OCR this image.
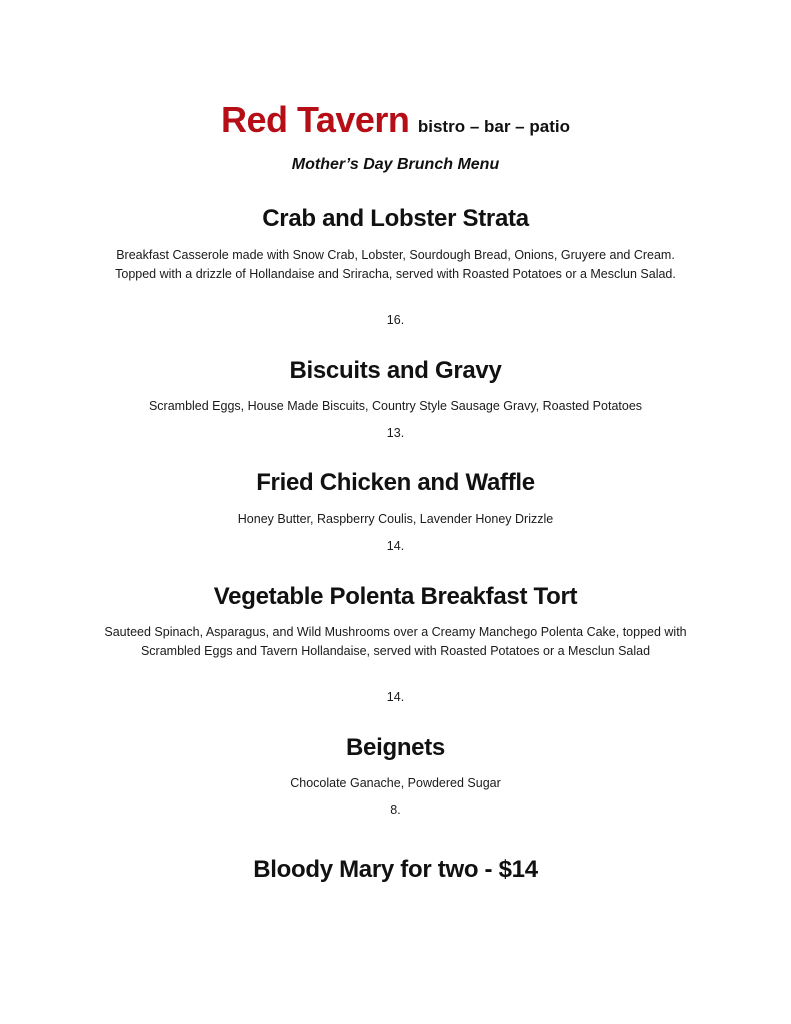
Red Tavern bistro – bar – patio
Mother’s Day Brunch Menu
Crab and Lobster Strata
Breakfast Casserole made with Snow Crab, Lobster, Sourdough Bread, Onions, Gruyere and Cream. Topped with a drizzle of Hollandaise and Sriracha, served with Roasted Potatoes or a Mesclun Salad.
16.
Biscuits and Gravy
Scrambled Eggs, House Made Biscuits, Country Style Sausage Gravy, Roasted Potatoes
13.
Fried Chicken and Waffle
Honey Butter, Raspberry Coulis, Lavender Honey Drizzle
14.
Vegetable Polenta Breakfast Tort
Sauteed Spinach, Asparagus, and Wild Mushrooms over a Creamy Manchego Polenta Cake, topped with Scrambled Eggs and Tavern Hollandaise, served with Roasted Potatoes or a Mesclun Salad
14.
Beignets
Chocolate Ganache, Powdered Sugar
8.
Bloody Mary for two - $14
